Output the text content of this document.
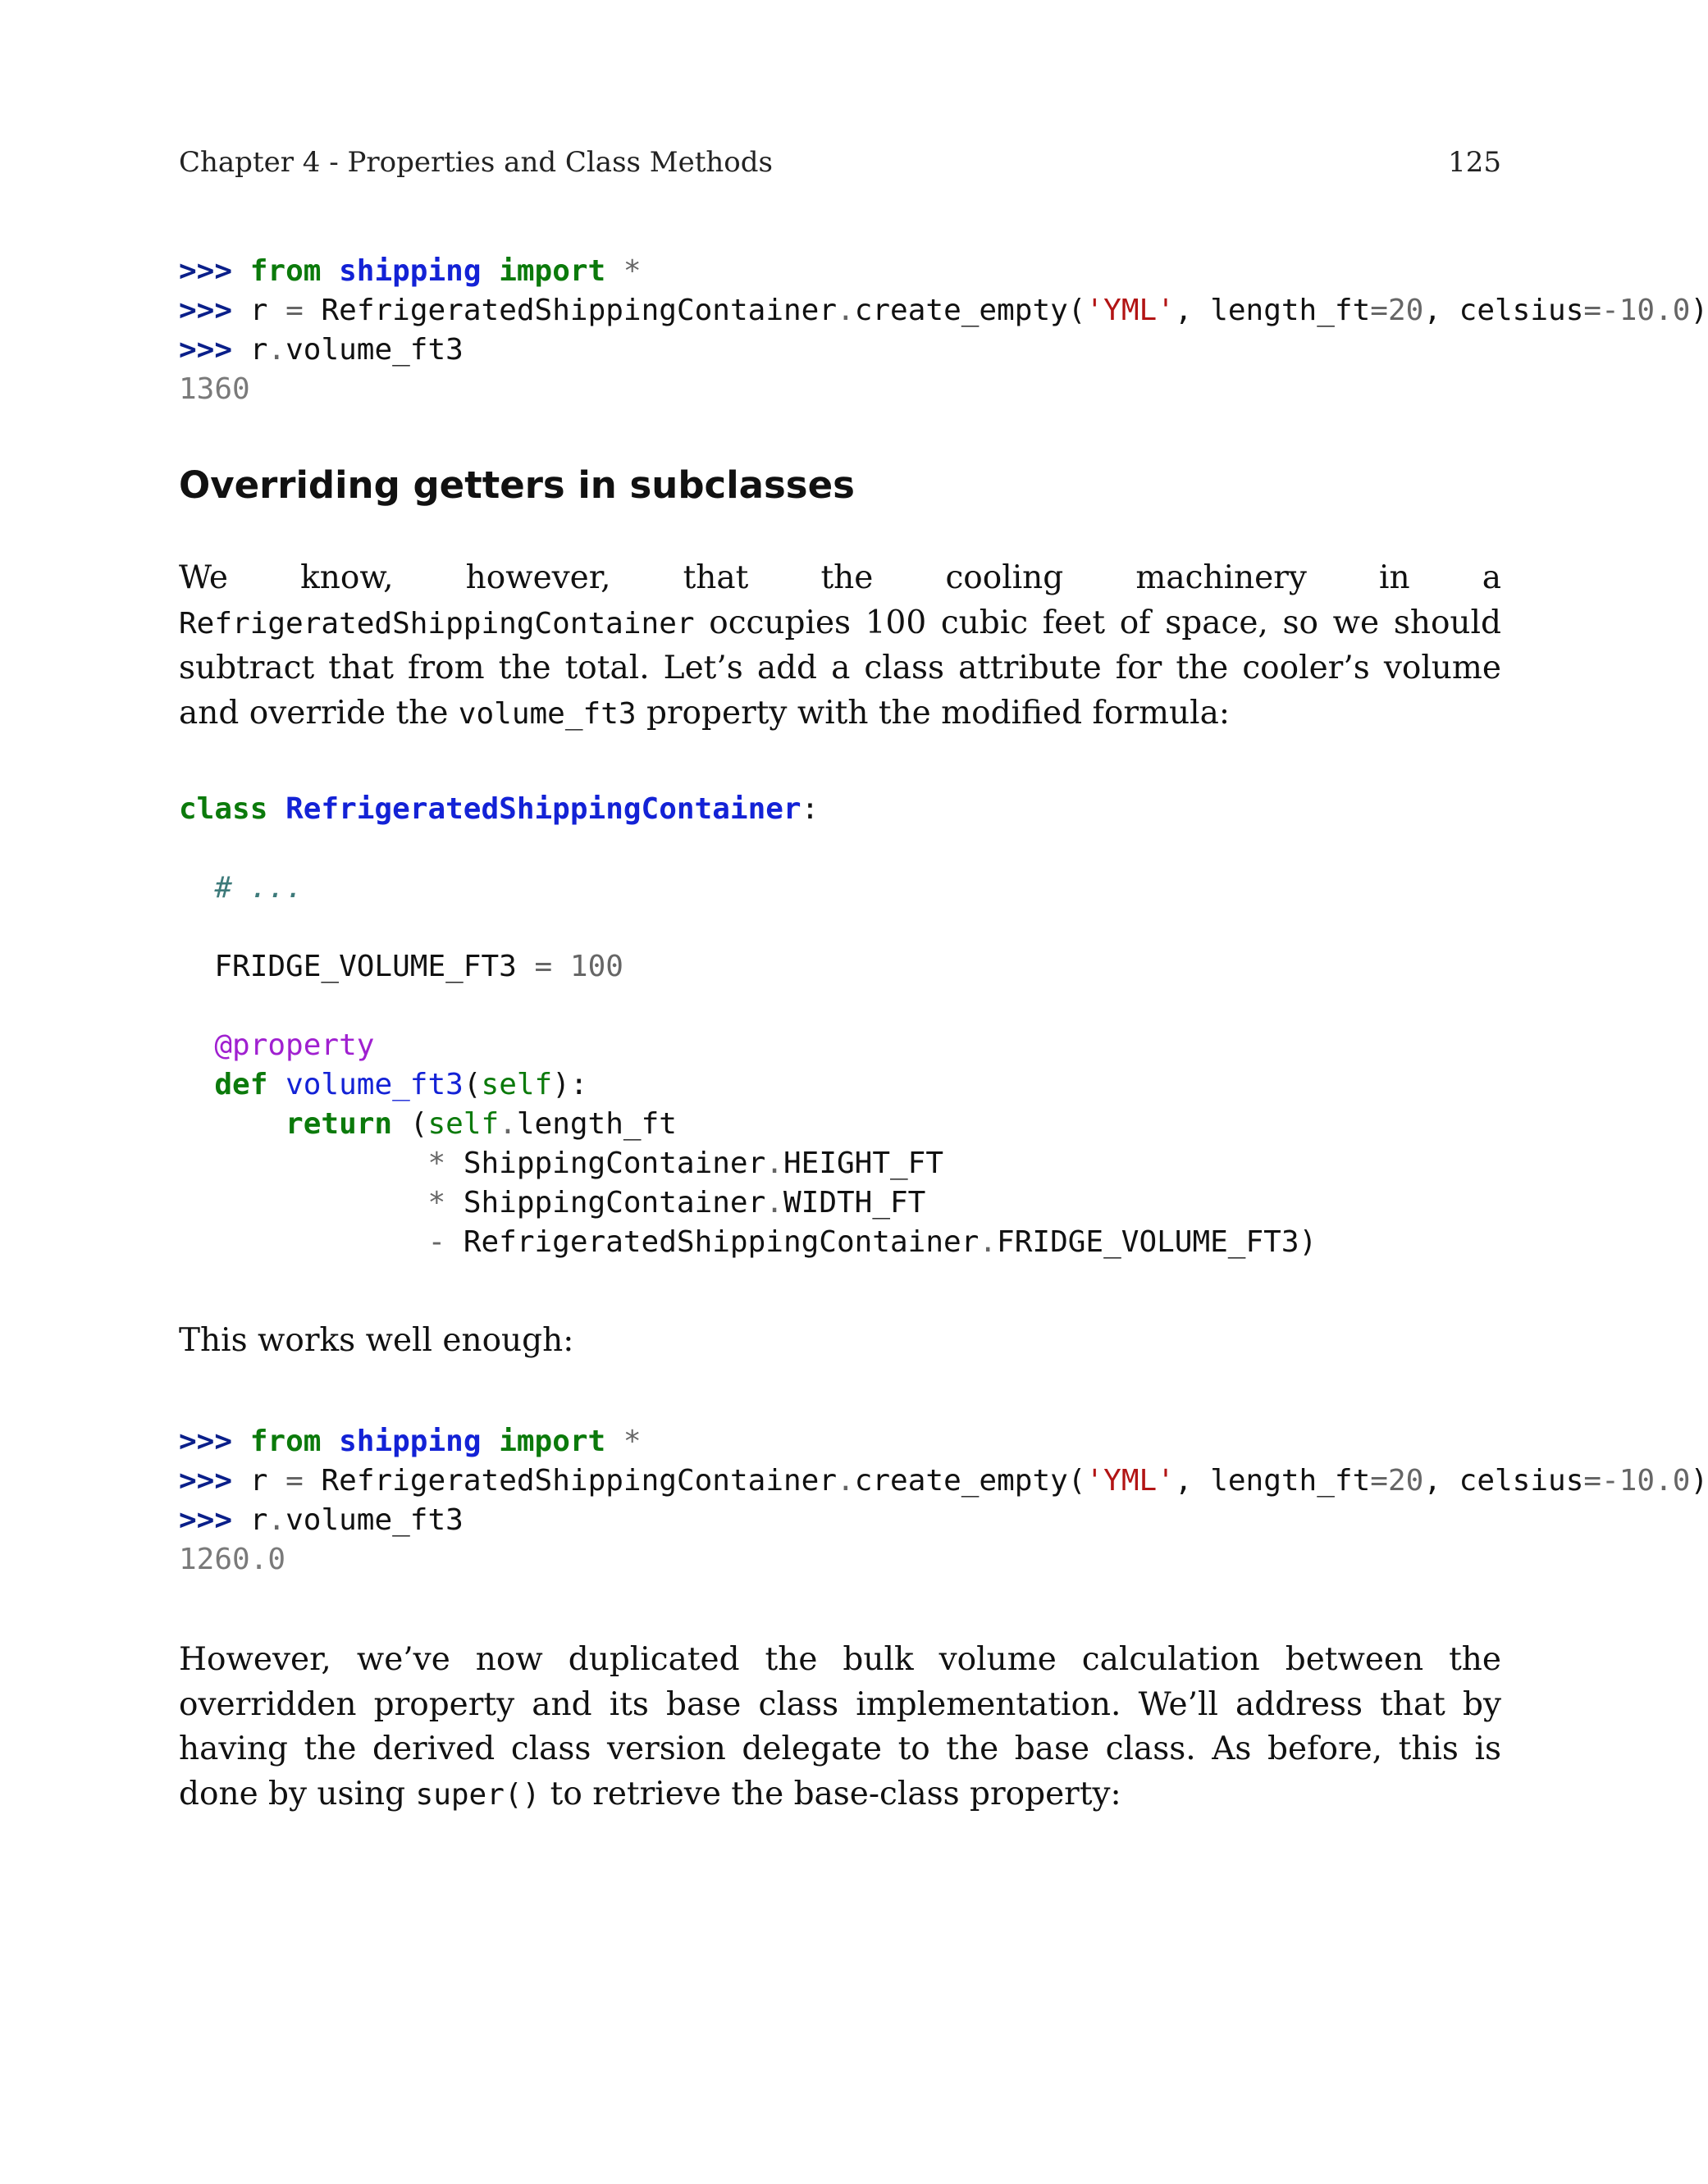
Chapter 4 - Properties and Class Methods	125
>>> from shipping import *
>>> r = RefrigeratedShippingContainer.create_empty('YML', length_ft=20, celsius=-10.0)
>>> r.volume_ft3
1360
Overriding getters in subclasses

We know, however, that the cooling machinery in a RefrigeratedShippingContainer occupies 100 cubic feet of space, so we should subtract that from the total. Let’s add a class attribute for the cooler’s volume and override the volume_ft3 property with the modified formula:

class RefrigeratedShippingContainer:

# ...

FRIDGE_VOLUME_FT3 = 100

@property
def volume_ft3(self):
return (self.length_ft
* ShippingContainer.HEIGHT_FT
* ShippingContainer.WIDTH_FT
- RefrigeratedShippingContainer.FRIDGE_VOLUME_FT3)

This works well enough:

>>> from shipping import *
>>> r = RefrigeratedShippingContainer.create_empty('YML', length_ft=20, celsius=-10.0)
>>> r.volume_ft3
1260.0

However, we’ve now duplicated the bulk volume calculation between the overridden property and its base class implementation. We’ll address that by having the derived class version delegate to the base class. As before, this is done by using super() to retrieve the base-class property:
